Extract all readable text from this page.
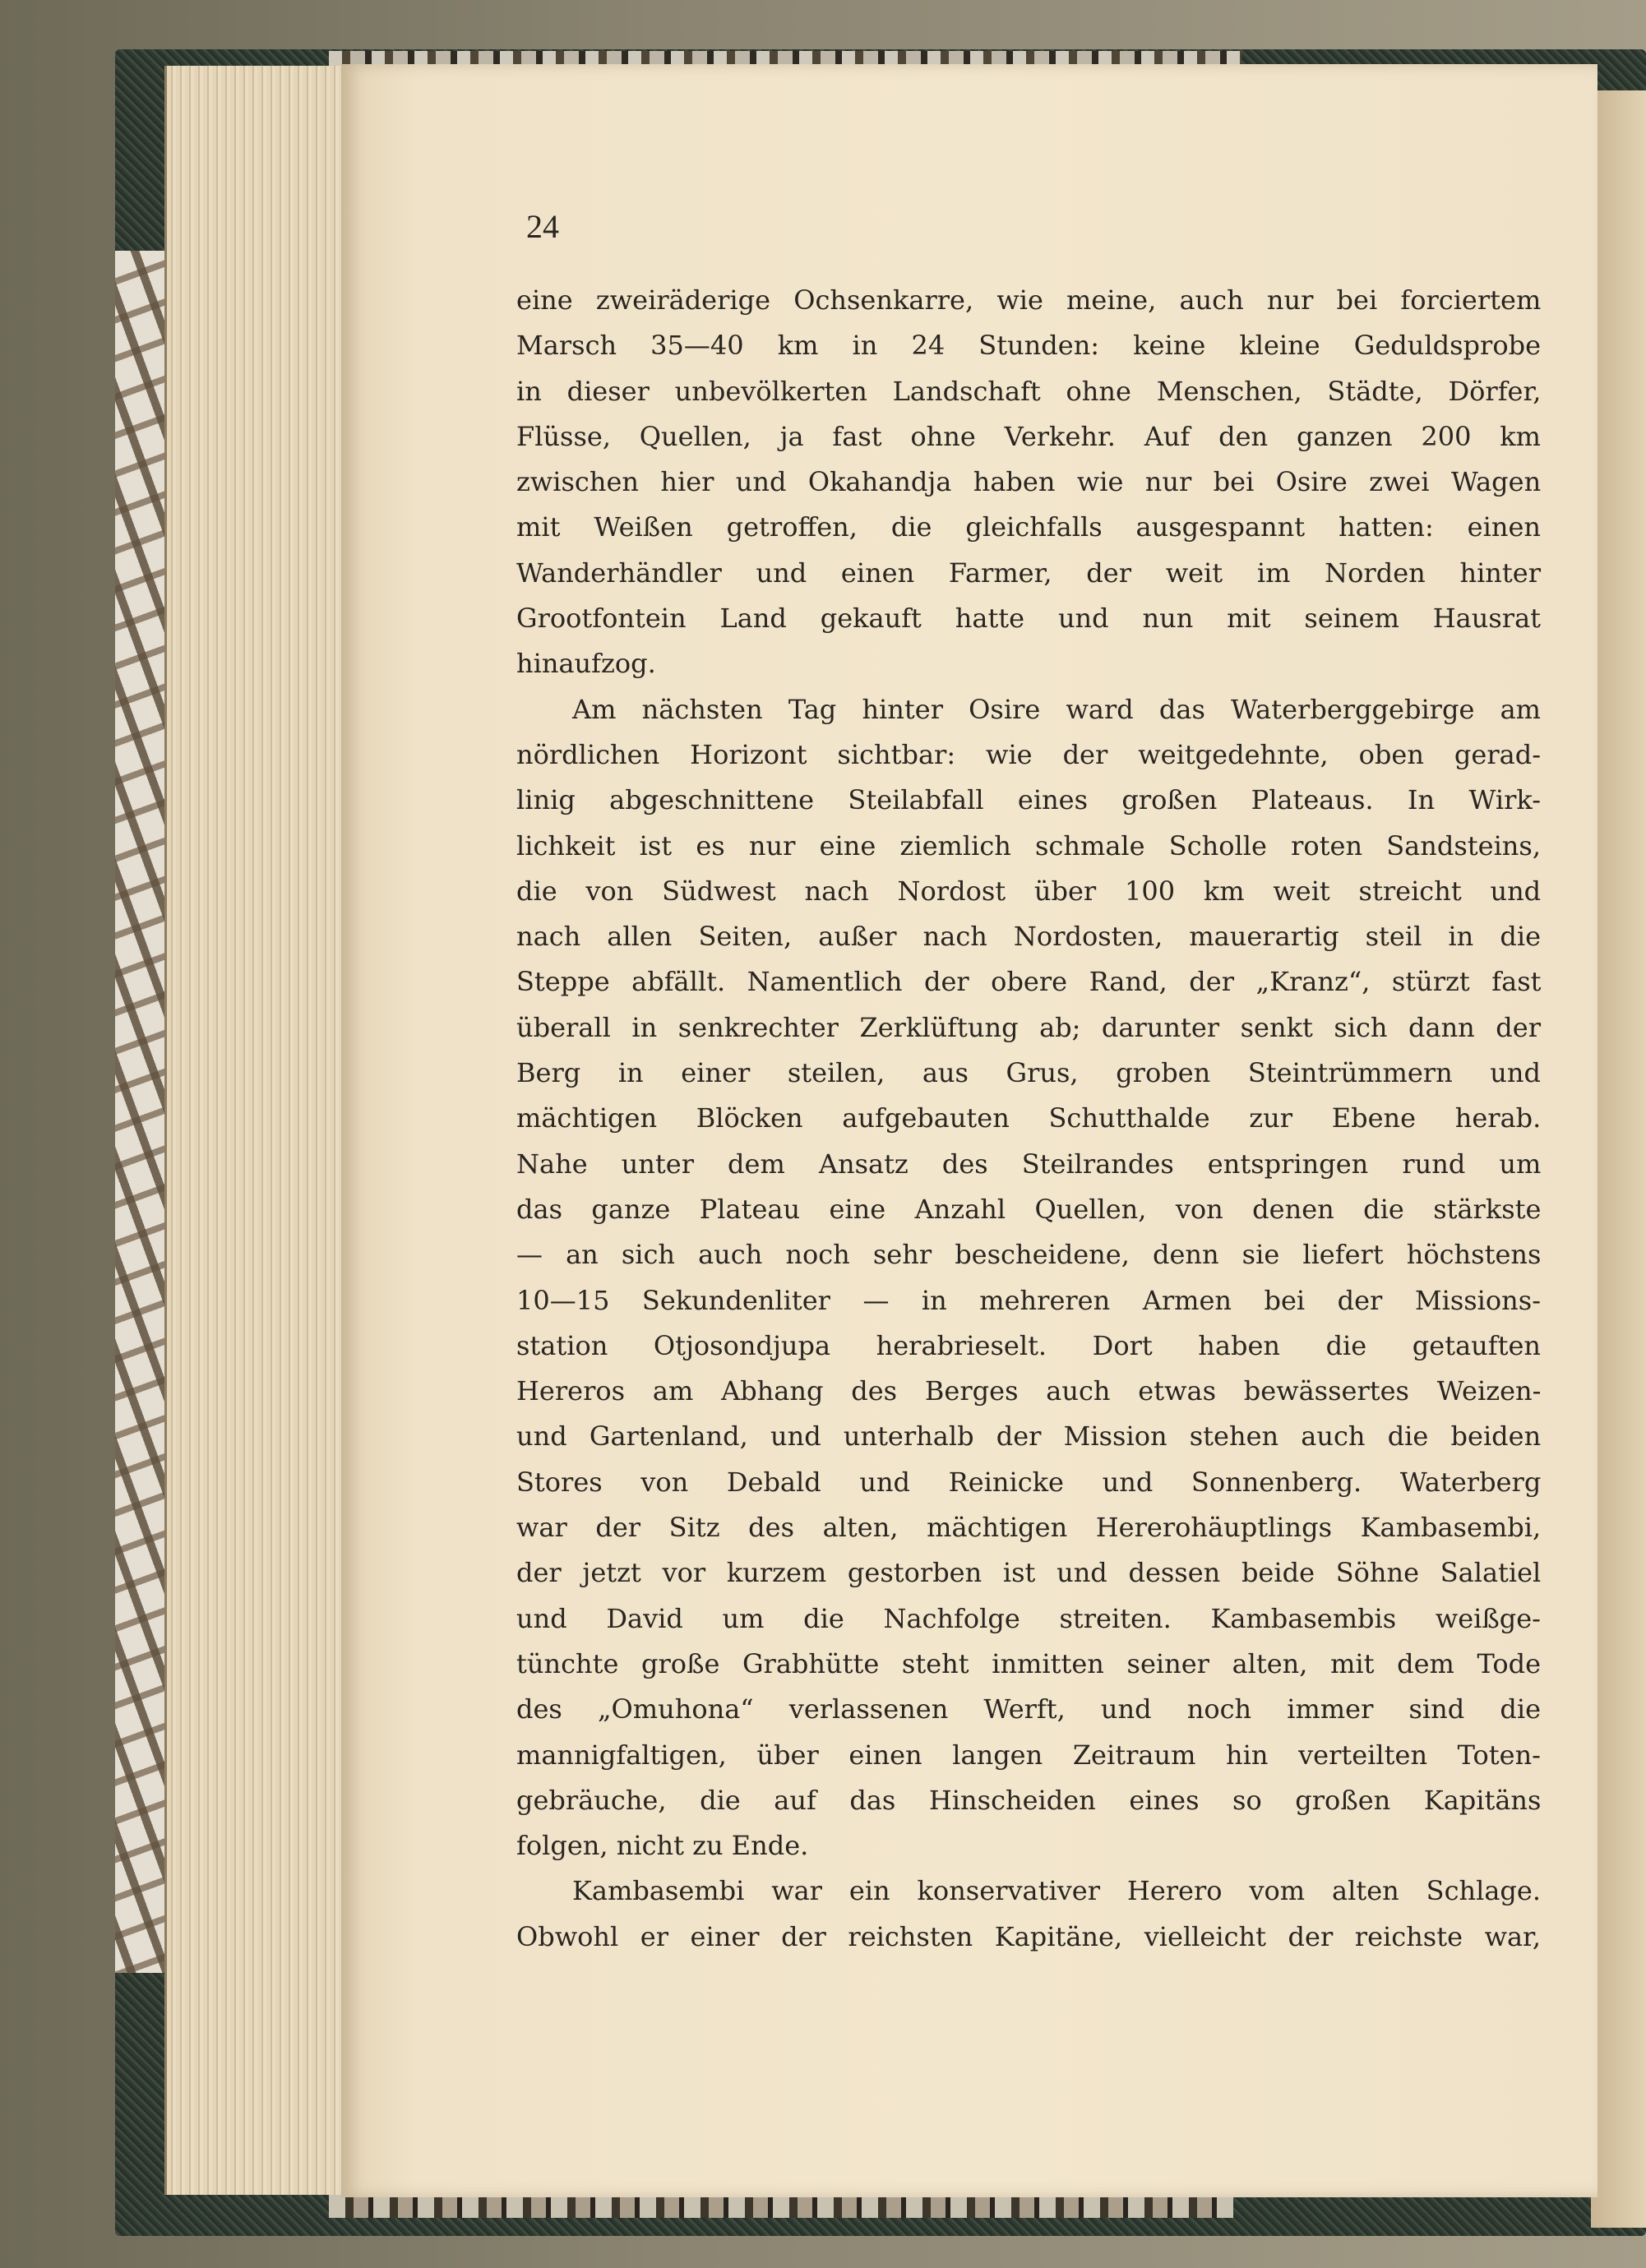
24
eine zweiräderige Ochsenkarre, wie meine, auch nur bei forciertem
Marsch 35—40 km in 24 Stunden: keine kleine Geduldsprobe
in dieser unbevölkerten Landschaft ohne Menschen, Städte, Dörfer,
Flüsse, Quellen, ja fast ohne Verkehr. Auf den ganzen 200 km
zwischen hier und Okahandja haben wie nur bei Osire zwei Wagen
mit Weißen getroffen, die gleichfalls ausgespannt hatten: einen
Wanderhändler und einen Farmer, der weit im Norden hinter
Grootfontein Land gekauft hatte und nun mit seinem Hausrat
hinaufzog.
Am nächsten Tag hinter Osire ward das Waterberggebirge am
nördlichen Horizont sichtbar: wie der weitgedehnte, oben gerad-
linig abgeschnittene Steilabfall eines großen Plateaus. In Wirk-
lichkeit ist es nur eine ziemlich schmale Scholle roten Sandsteins,
die von Südwest nach Nordost über 100 km weit streicht und
nach allen Seiten, außer nach Nordosten, mauerartig steil in die
Steppe abfällt. Namentlich der obere Rand, der „Kranz“, stürzt fast
überall in senkrechter Zerklüftung ab; darunter senkt sich dann der
Berg in einer steilen, aus Grus, groben Steintrümmern und
mächtigen Blöcken aufgebauten Schutthalde zur Ebene herab.
Nahe unter dem Ansatz des Steilrandes entspringen rund um
das ganze Plateau eine Anzahl Quellen, von denen die stärkste
— an sich auch noch sehr bescheidene, denn sie liefert höchstens
10—15 Sekundenliter — in mehreren Armen bei der Missions-
station Otjosondjupa herabrieselt. Dort haben die getauften
Hereros am Abhang des Berges auch etwas bewässertes Weizen-
und Gartenland, und unterhalb der Mission stehen auch die beiden
Stores von Debald und Reinicke und Sonnenberg. Waterberg
war der Sitz des alten, mächtigen Hererohäuptlings Kambasembi,
der jetzt vor kurzem gestorben ist und dessen beide Söhne Salatiel
und David um die Nachfolge streiten. Kambasembis weißge-
tünchte große Grabhütte steht inmitten seiner alten, mit dem Tode
des „Omuhona“ verlassenen Werft, und noch immer sind die
mannigfaltigen, über einen langen Zeitraum hin verteilten Toten-
gebräuche, die auf das Hinscheiden eines so großen Kapitäns
folgen, nicht zu Ende.
Kambasembi war ein konservativer Herero vom alten Schlage.
Obwohl er einer der reichsten Kapitäne, vielleicht der reichste war,
